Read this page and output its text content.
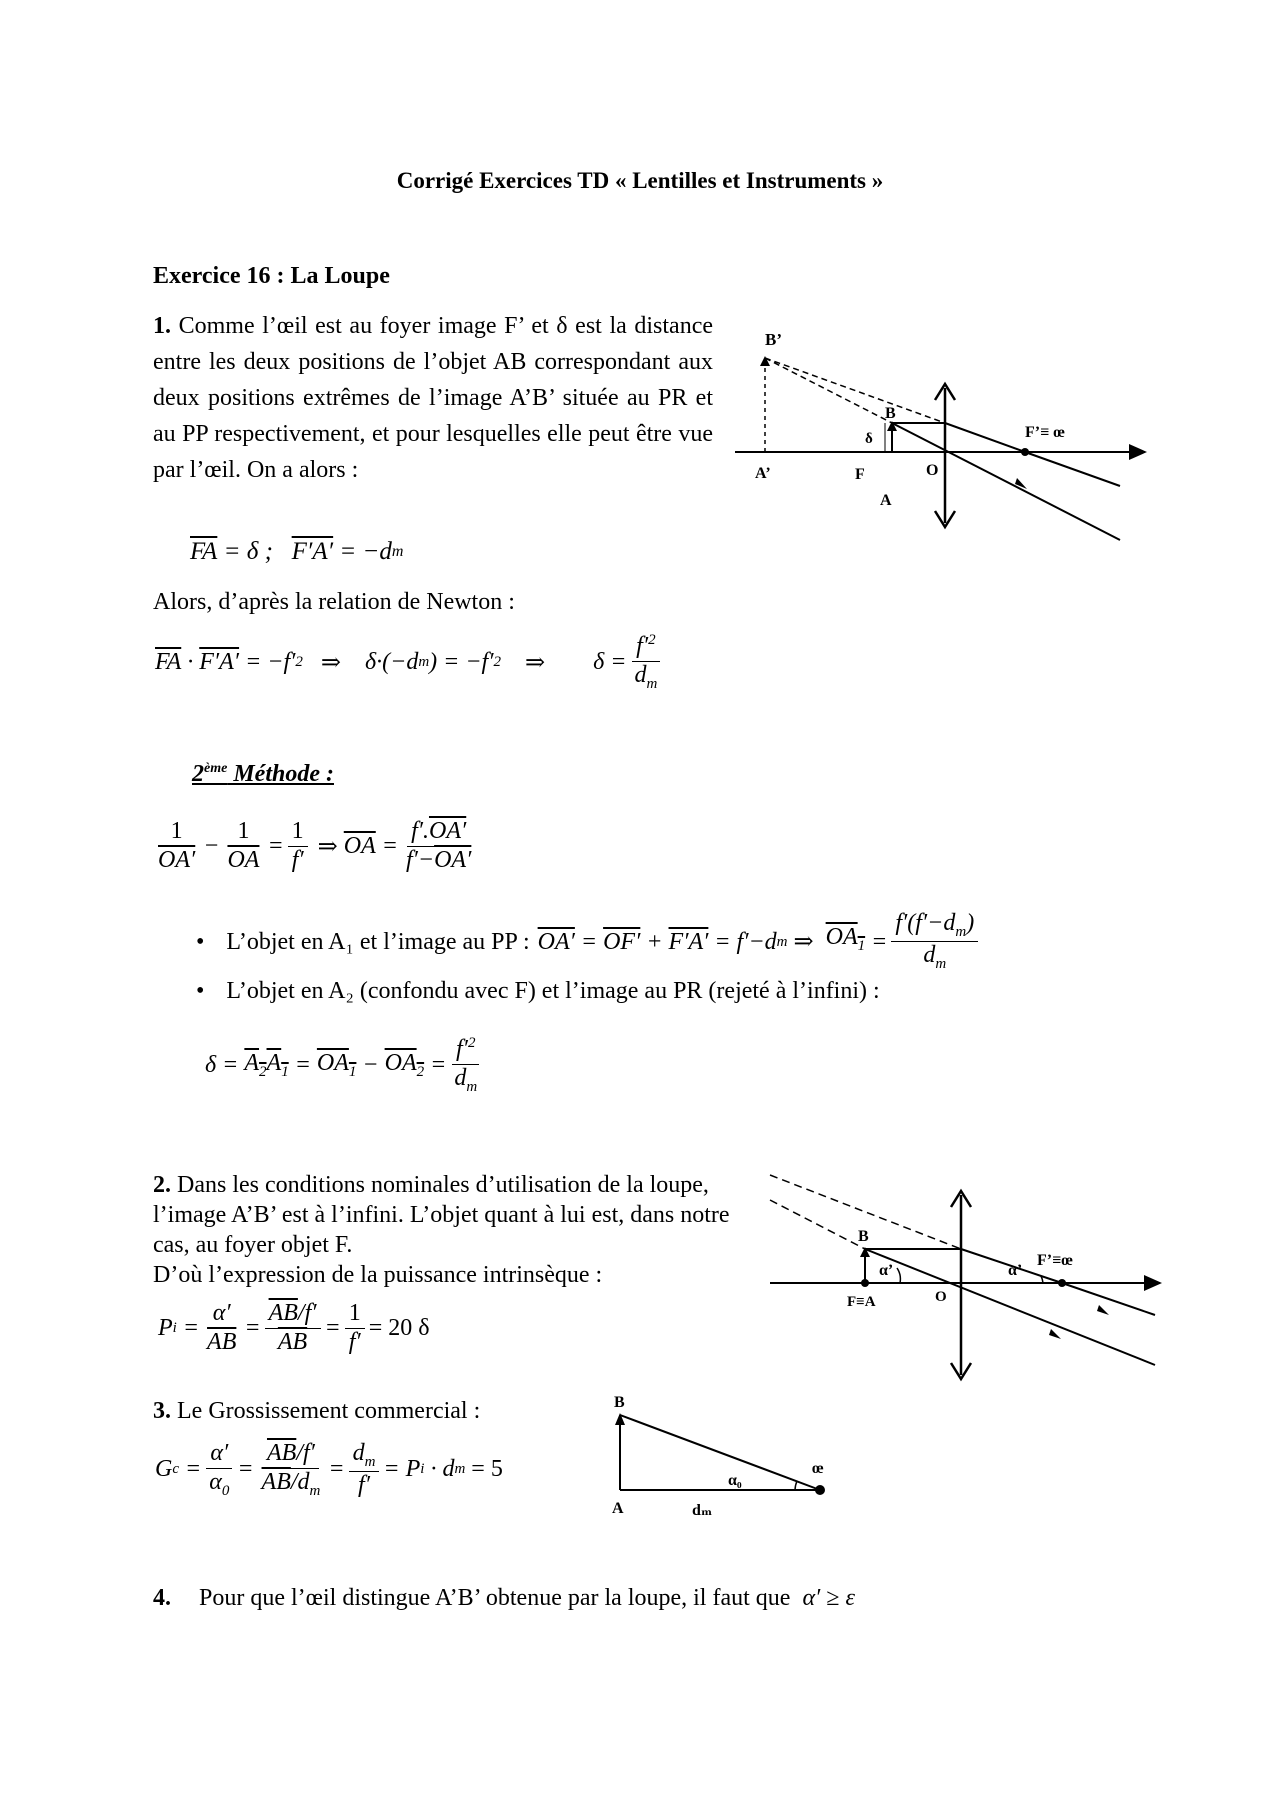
Corrigé Exercices TD « Lentilles et Instruments »
Exercice 16 : La Loupe
1. Comme l’œil est au foyer image F’ et δ est la distance entre les deux positions de l’objet AB correspondant aux deux positions extrêmes de l’image A’B’ située au PR et au PP respectivement, et pour lesquelles elle peut être vue par l’œil. On a alors :
B’
B
δ
A’	F
A
O
F’≡ œ
$\overline{FA} = \delta$ ; F′A′ = − d m
Alors, d’après la relation de Newton :
$\overline{FA} \cdot F'A'$ = − f′ 2
⇒ δ·(−d m ) = −f′ 2
⇒ $\delta = \frac{f'^2}{d_m}$
2ème Méthode :
$\frac{1}{OA'} - \frac{1}{OA} = \frac{1}{f'}$
⇒
$\overline{OA} = \frac{f'.OA'}{f'-OA'}$
• L’objet en A₁ et l’image au PP : OA′ = OF′ + F′A′ = f′−d m
⇒
$OA_1 = \frac{f'(f'-d_m)}{d_m}$
• L’objet en A₂ (confondu avec F) et l’image au PR (rejeté à l’infini) :
$\delta = A_2A_1 = OA_1 - OA_2 = \frac{f'^2}{d_m}$
2. Dans les conditions nominales d’utilisation de la loupe, l’image A’B’ est à l’infini. L’objet quant à lui est, dans notre cas, au foyer objet F.
D’où l’expression de la puissance intrinsèque :
P $i = \frac{\alpha'}{AB} = \frac{\overline{AB}/f'}{AB} = \frac{1}{f'} = 20$ δ
B
α’	α’
F’≡œ
F≡A	O
3. Le Grossissement commercial :
G $c = \frac{\alpha'}{\alpha_0} = \frac{\overline{AB}/f'}{\overline{AB}/d_m} = \frac{d_m}{f'} = P$ i · d m
= 5
B
α₀
œ
A	dₘ
4. Pour que l’œil distingue A’B’ obtenue par la loupe, il faut que α′ ≥ ε
